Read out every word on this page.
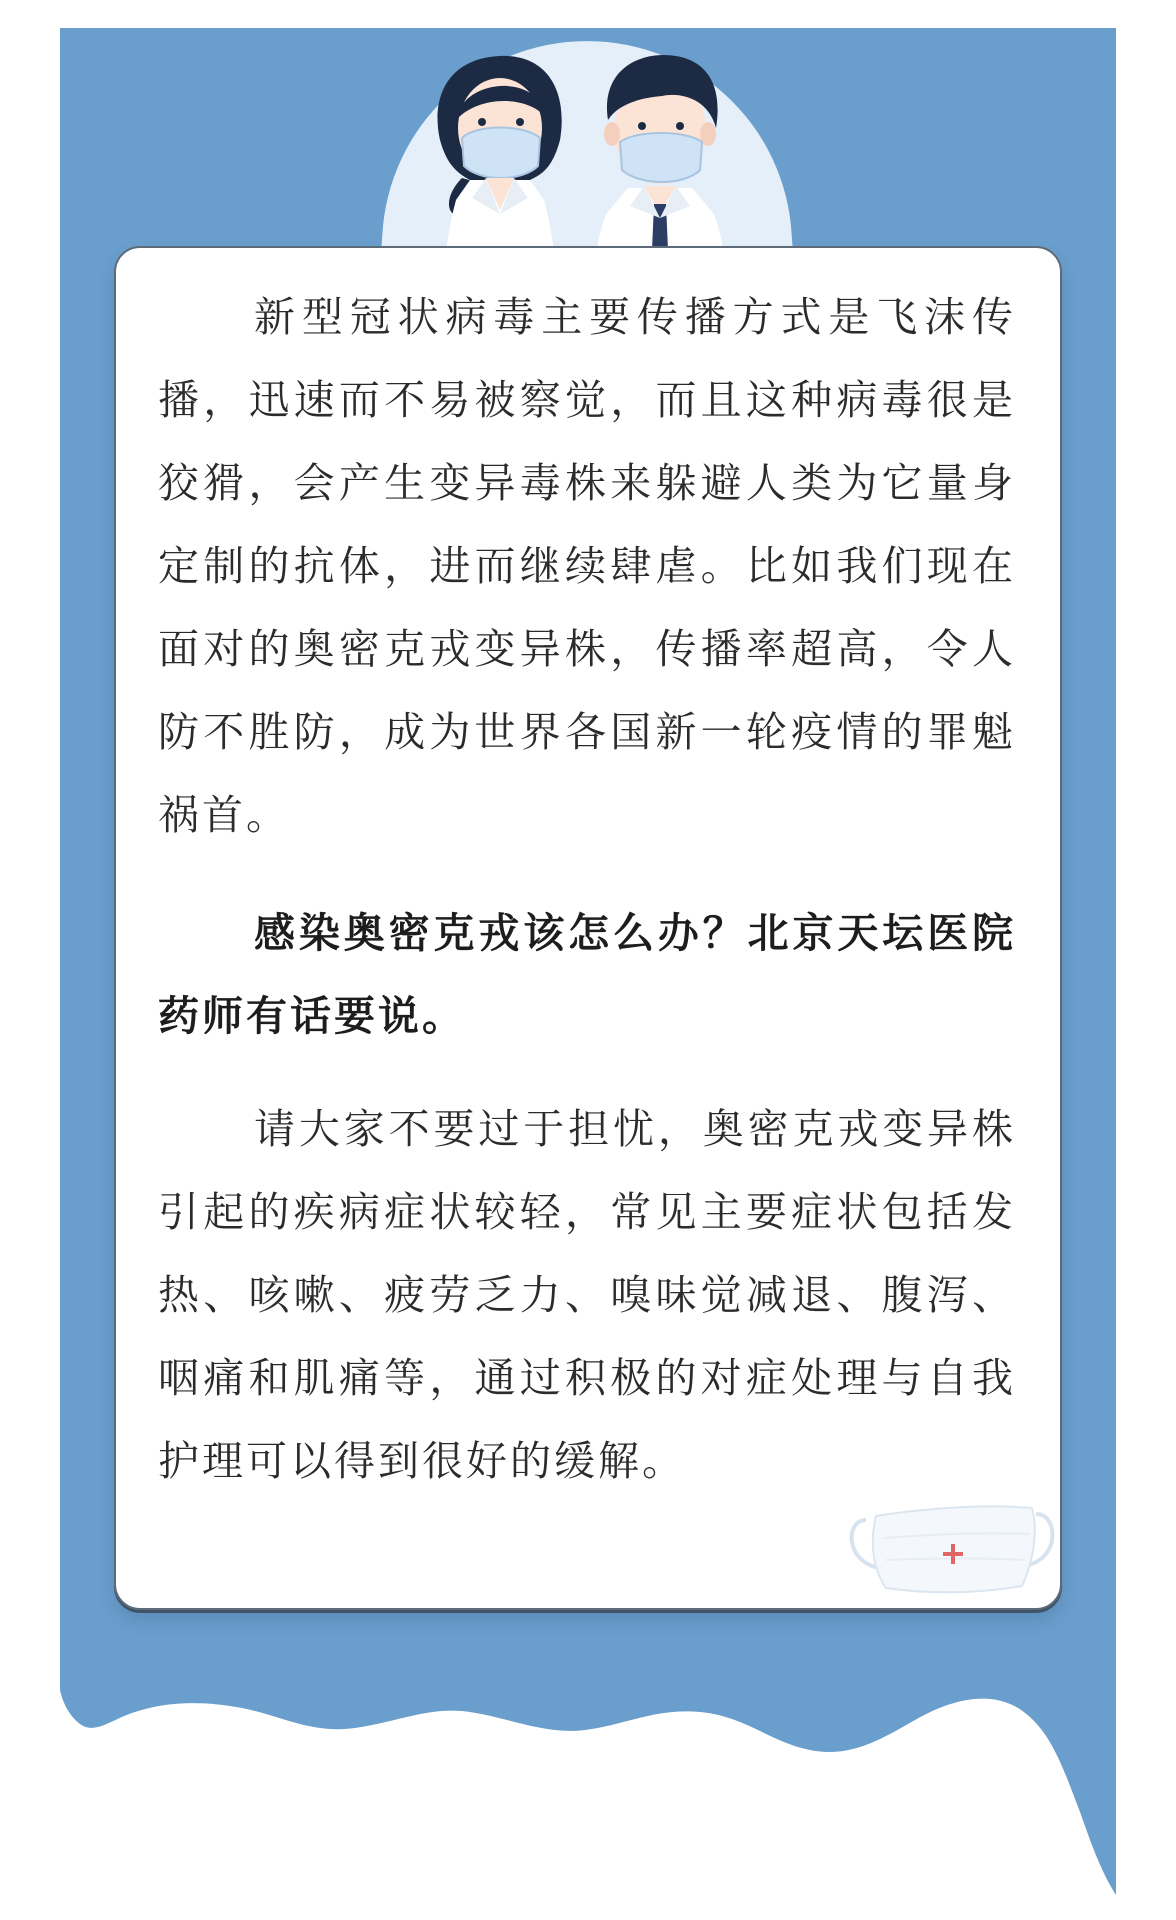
新型冠状病毒主要传播方式是飞沫传播，迅速而不易被察觉，而且这种病毒很是狡猾，会产生变异毒株来躲避人类为它量身定制的抗体，进而继续肆虐。比如我们现在面对的奥密克戎变异株，传播率超高，令人防不胜防，成为世界各国新一轮疫情的罪魁祸首。

感染奥密克戎该怎么办？北京天坛医院药师有话要说。

请大家不要过于担忧，奥密克戎变异株引起的疾病症状较轻，常见主要症状包括发热、咳嗽、疲劳乏力、嗅味觉减退、腹泻、咽痛和肌痛等，通过积极的对症处理与自我护理可以得到很好的缓解。
